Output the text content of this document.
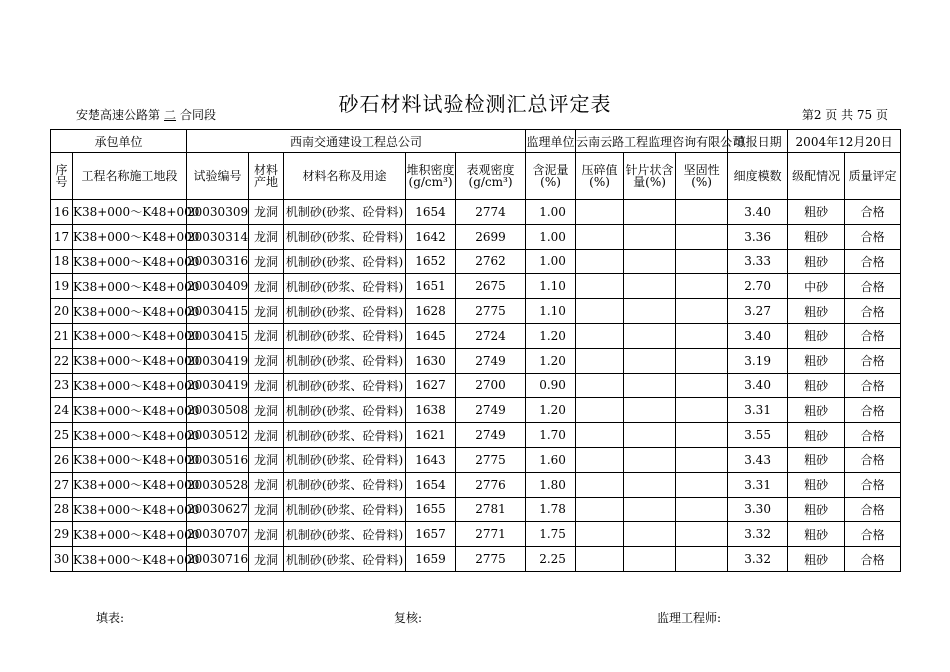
砂石材料试验检测汇总评定表
安楚高速公路第 二 合同段	第2 页 共 75 页
承包单位		西南交通建设工程总公司					监理单位	云南云路工程监理咨询有限公司			填报日期	2004年12月20日	
序号	工程名称施工地段	试验编号	材料产地	材料名称及用途	堆积密度(g/cm³)	表观密度(g/cm³)	含泥量(%)	压碎值(%)	针片状含量(%)	坚固性(%)	细度模数	级配情况	质量评定
16	K38+000～K48+000	20030309	龙洞	机制砂(砂浆、砼骨料)	1654	2774	1.00				3.40	粗砂	合格
17	K38+000～K48+000	20030314	龙洞	机制砂(砂浆、砼骨料)	1642	2699	1.00				3.36	粗砂	合格
18	K38+000～K48+000	20030316	龙洞	机制砂(砂浆、砼骨料)	1652	2762	1.00				3.33	粗砂	合格
19	K38+000～K48+000	20030409	龙洞	机制砂(砂浆、砼骨料)	1651	2675	1.10				2.70	中砂	合格
20	K38+000～K48+000	20030415	龙洞	机制砂(砂浆、砼骨料)	1628	2775	1.10				3.27	粗砂	合格
21	K38+000～K48+000	20030415	龙洞	机制砂(砂浆、砼骨料)	1645	2724	1.20				3.40	粗砂	合格
22	K38+000～K48+000	20030419	龙洞	机制砂(砂浆、砼骨料)	1630	2749	1.20				3.19	粗砂	合格
23	K38+000～K48+000	20030419	龙洞	机制砂(砂浆、砼骨料)	1627	2700	0.90				3.40	粗砂	合格
24	K38+000～K48+000	20030508	龙洞	机制砂(砂浆、砼骨料)	1638	2749	1.20				3.31	粗砂	合格
25	K38+000～K48+000	20030512	龙洞	机制砂(砂浆、砼骨料)	1621	2749	1.70				3.55	粗砂	合格
26	K38+000～K48+000	20030516	龙洞	机制砂(砂浆、砼骨料)	1643	2775	1.60				3.43	粗砂	合格
27	K38+000～K48+000	20030528	龙洞	机制砂(砂浆、砼骨料)	1654	2776	1.80				3.31	粗砂	合格
28	K38+000～K48+000	20030627	龙洞	机制砂(砂浆、砼骨料)	1655	2781	1.78				3.30	粗砂	合格
29	K38+000～K48+000	20030707	龙洞	机制砂(砂浆、砼骨料)	1657	2771	1.75				3.32	粗砂	合格
30	K38+000～K48+000	20030716	龙洞	机制砂(砂浆、砼骨料)	1659	2775	2.25				3.32	粗砂	合格
填表:	复核:	监理工程师:
